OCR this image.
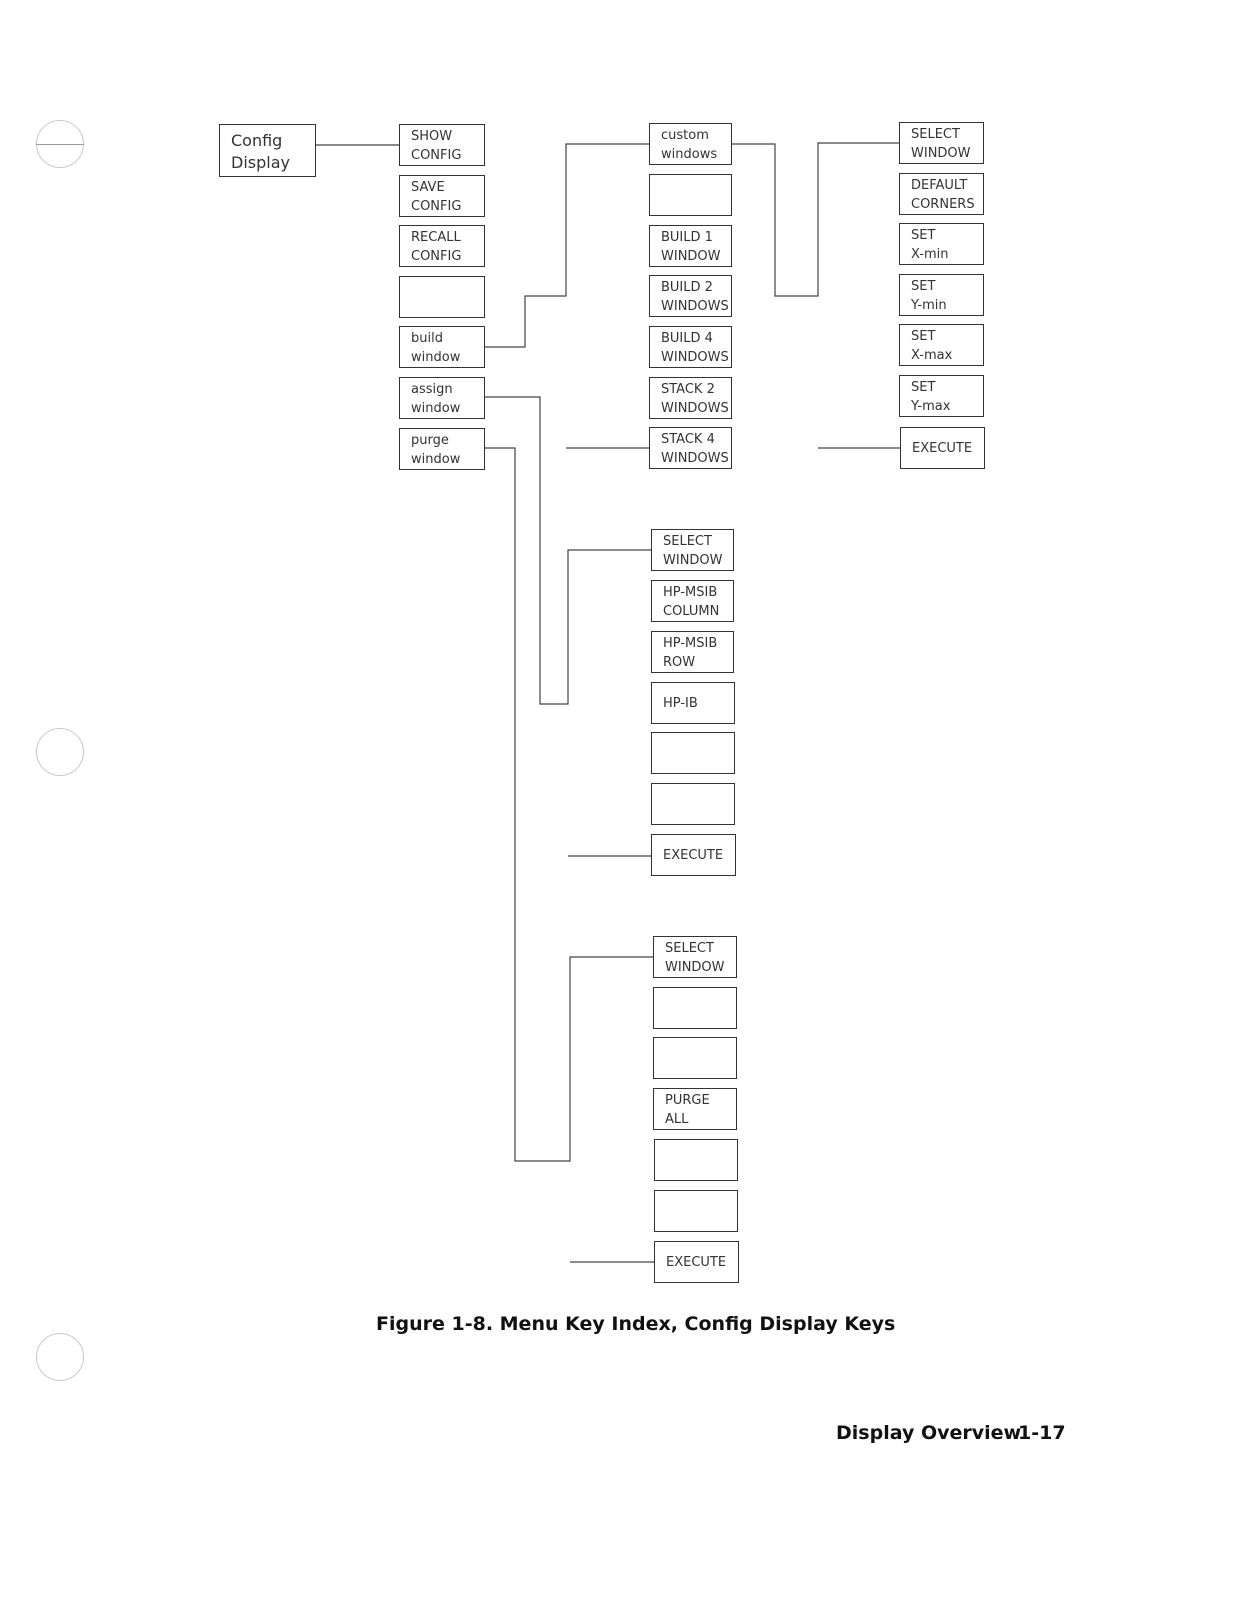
Config
Display
SHOW
CONFIG
SAVE
CONFIG
RECALL
CONFIG
build
window
assign
window
purge
window
custom
windows
BUILD 1
WINDOW
BUILD 2
WINDOWS
BUILD 4
WINDOWS
STACK 2
WINDOWS
STACK 4
WINDOWS
SELECT
WINDOW
DEFAULT
CORNERS
SET
X-min
SET
Y-min
SET
X-max
SET
Y-max
EXECUTE
SELECT
WINDOW
HP-MSIB
COLUMN
HP-MSIB
ROW
HP-IB
EXECUTE
SELECT
WINDOW
PURGE
ALL
EXECUTE
Figure 1-8. Menu Key Index, Config Display Keys
Display Overview
1-17
